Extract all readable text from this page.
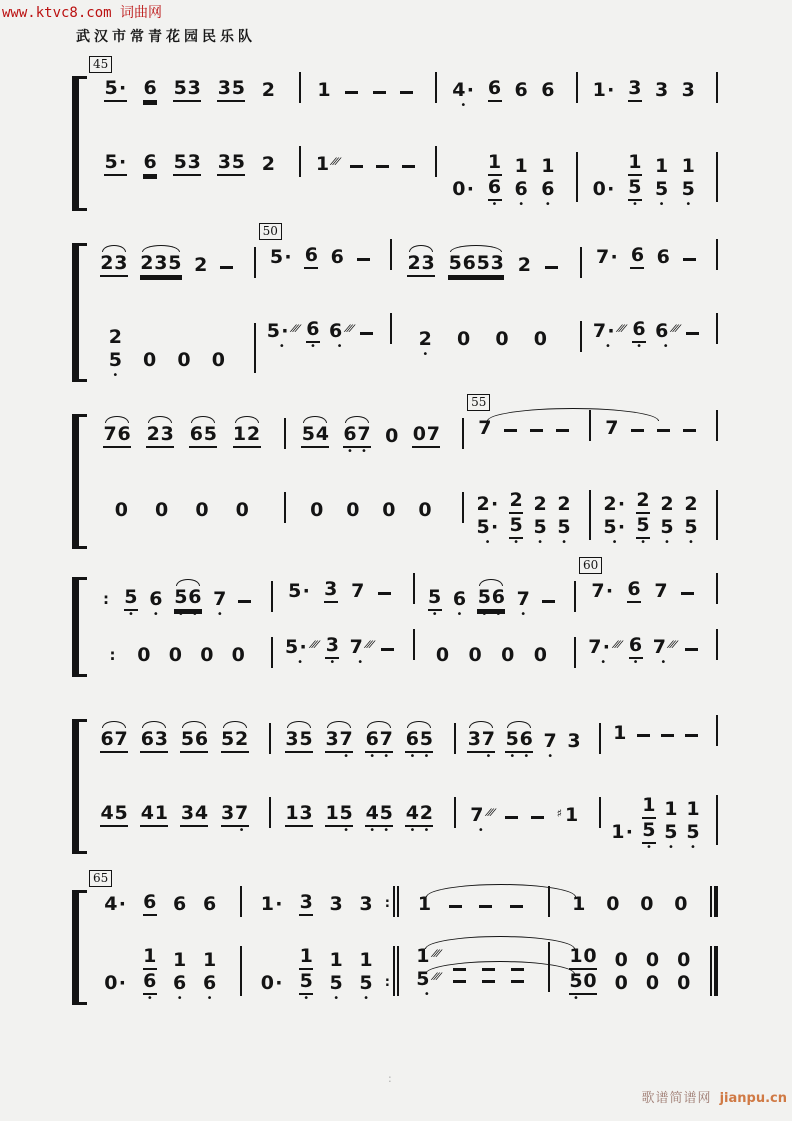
www.ktvc8.com 词曲网
武汉市常青花园民乐队
45
5 · 6 5 3 3 5 2
5 · 6 5 3 3 5 2
1
1 ///
4 ·
•
6 6 6
0 ·
1
6
•
1
6
•
1
6
•
1 · 3 3 3
0 ·
1
5
•
1
5
•
1
5
•
2 3 2 3 5 2
2
5
•
0 0 0
50
5 · 6 6
5 · ///
•
6
•
6 ///
•
2 3 5 6 5 3 2
2
•
0 0 0
7 · 6 6
7 · ///
•
6
•
6 ///
•
7 6 2 3 6 5 1 2
0 0 0 0
5 4 6 7
• •
0 0 7
0 0 0 0
55
7
2 ·
5 ·
•
2
5
•
2
5
•
2
5
•
7
2 ·
5 ·
•
2
5
•
2
5
•
2
5
•
: 5
•
6
•
5 6
• •
7
•
: 0 0 0 0
5 · 3 7
5 · ///
•
3
•
7 ///
•
5
•
6
•
5 6
• •
7
•
0 0 0 0
60
7 · 6 7
7 · ///
•
6
•
7 ///
•
6 7 6 3 5 6 5 2
4 5 4 1 3 4 3 7
•
3 5 3 7
•
6 7
• •
6 5
• •
1 3 1 5
•
4 5
• •
4 2
• •
3 7
•
5 6
• •
7
•
3
7 ///
•
♯ 1
1
1 ·
1
5
•
1
5
•
1
5
•
65
4 · 6 6 6
0 ·
1
6
•
1
6
•
1
6
•
1 · 3 3 3 :
0 ·
1
5
•
1
5
•
1
5
•
:
1
1 ///
5 ///
•
1 0 0 0
1 0
5 0
•
0
0
0
0
0
0
:
歌谱简谱网 jianpu.cn
